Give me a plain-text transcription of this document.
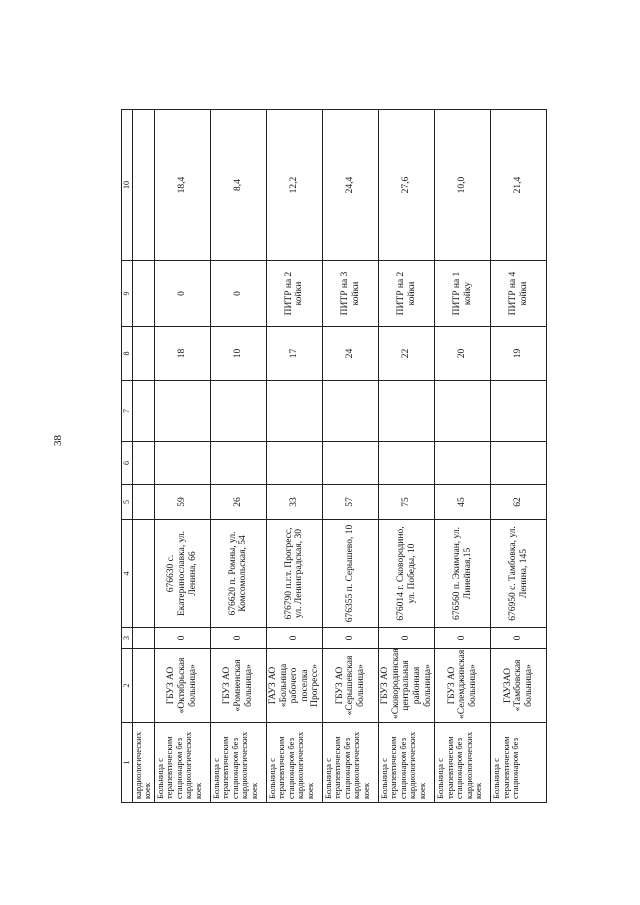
38
1	2	3	4	5	6	7	8	9	10
кардиологических коек									
Больница с терапевтическим стационаром без кардиологических коек	ГБУЗ АО «Октябрьская больница»	0	676630 с. Екатеринославка, ул. Ленина, 66	59			18	0	18,4
Больница с терапевтическим стационаром без кардиологических коек	ГБУЗ АО «Ромненская больница»	0	676620 п. Ромны, ул. Комсомольская, 54	26			10	0	8,4
Больница с терапевтическим стационаром без кардиологических коек	ГАУЗ АО «Больница рабочего поселка Прогресс»	0	676790 п.г.т. Прогресс, ул. Ленинградская, 30	33			17	ПИТР на 2 койки	12,2
Больница с терапевтическим стационаром без кардиологических коек	ГБУЗ АО «Серышевская больница»	0	676355 п. Серышево, 10	57			24	ПИТР на 3 койки	24,4
Больница с терапевтическим стационаром без кардиологических коек	ГБУЗ АО «Сковородинская центральная районная больница»	0	676014 г. Сковородино, ул. Победы, 10	75			22	ПИТР на 2 койки	27,6
Больница с терапевтическим стационаром без кардиологических коек	ГБУЗ АО «Селемджинская больница»	0	676560 п. Экимчан, ул. Линейная,15	45			20	ПИТР на 1 койку	10,0
Больница с терапевтическим стационаром без	ГАУЗАО «Тамбовская больница»	0	676950 с. Тамбовка, ул. Ленина, 145	62			19	ПИТР на 4 койки	21,4
